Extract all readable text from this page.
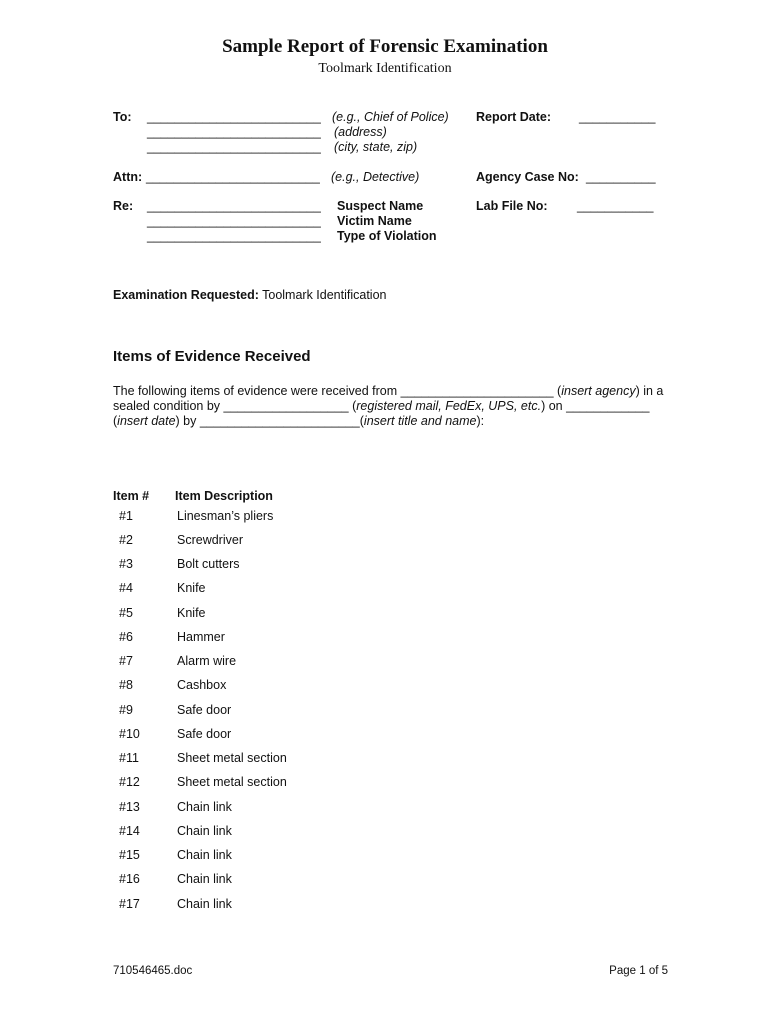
Sample Report of Forensic Examination
Toolmark Identification
To: _________________________ (e.g., Chief of Police)
_________________________ (address)
_________________________ (city, state, zip)
Report Date: ___________
Attn: _________________________ (e.g., Detective)	Agency Case No: __________
Re: _________________________ Suspect Name
_________________________ Victim Name
_________________________ Type of Violation
Lab File No: ___________
Examination Requested: Toolmark Identification
Items of Evidence Received
The following items of evidence were received from ______________________ (insert agency) in a sealed condition by __________________ (registered mail, FedEx, UPS, etc.) on ____________ (insert date) by _______________________(insert title and name):
Item # Item Description
#1	Linesman’s pliers
#2	Screwdriver
#3	Bolt cutters
#4	Knife
#5	Knife
#6	Hammer
#7	Alarm wire
#8	Cashbox
#9	Safe door
#10	Safe door
#11	Sheet metal section
#12	Sheet metal section
#13	Chain link
#14	Chain link
#15	Chain link
#16	Chain link
#17	Chain link
710546465.doc	Page 1 of 5
